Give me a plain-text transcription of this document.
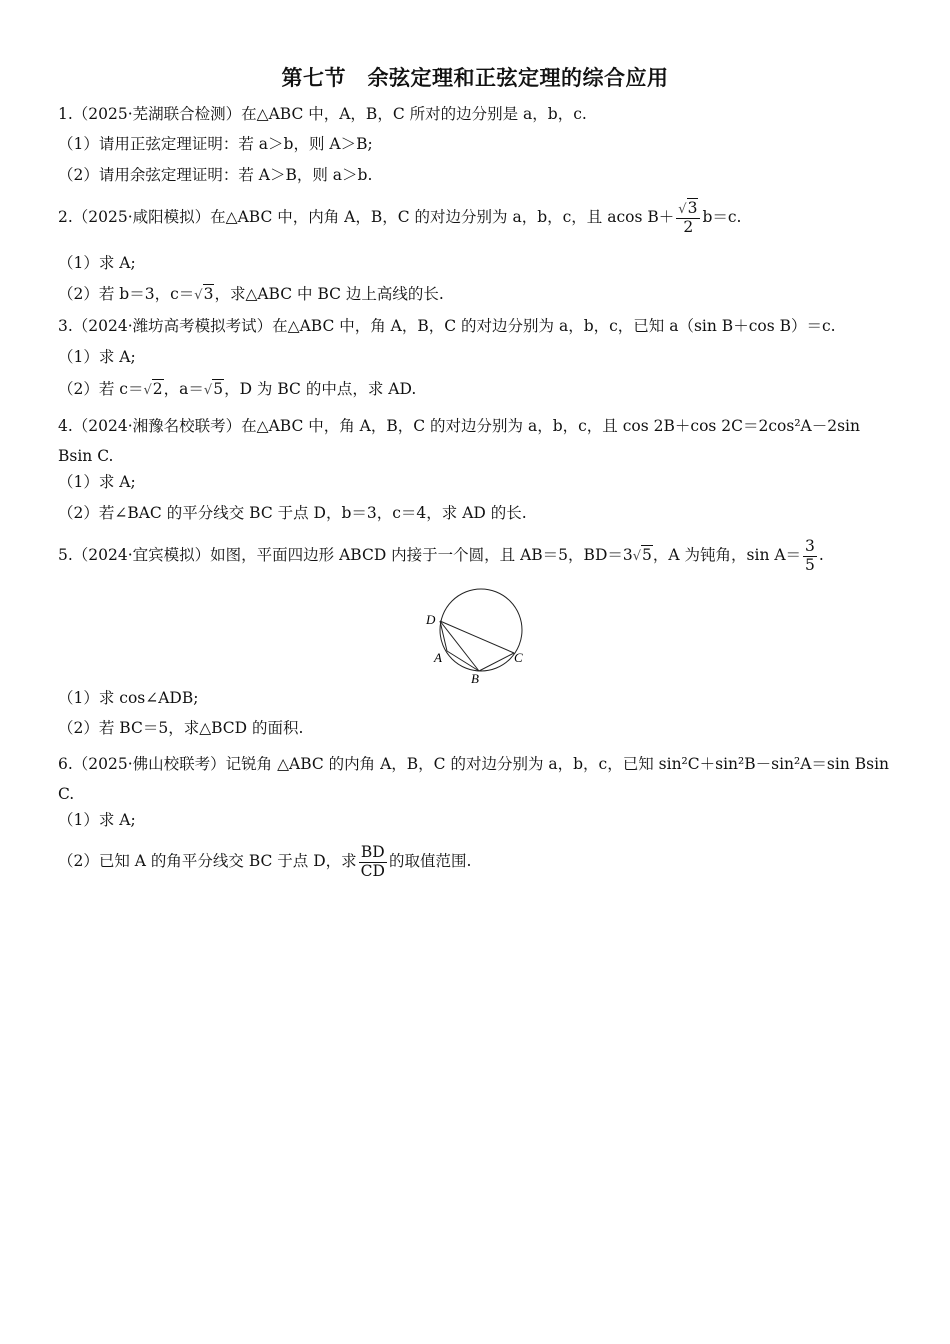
第七节　余弦定理和正弦定理的综合应用
1.（2025·芜湖联合检测）在△ABC 中，A，B，C 所对的边分别是 a，b，c.
（1）请用正弦定理证明：若 a＞b，则 A＞B;
（2）请用余弦定理证明：若 A＞B，则 a＞b.
2.（2025·咸阳模拟）在△ABC 中，内角 A，B，C 的对边分别为 a，b，c，且 acos $B+ \frac{√3}{2} b=c$.
（1）求 A;
（2）若 b＝3，c＝√3，求△ABC 中 BC 边上高线的长.
3.（2024·潍坊高考模拟考试）在△ABC 中，角 A，B，C 的对边分别为 a，b，c，已知 a（sin B＋cos B）＝c.
（1）求 A;
（2）若 c＝√2，a＝√5，D 为 BC 的中点，求 AD.
4.（2024·湘豫名校联考）在△ABC 中，角 A，B，C 的对边分别为 a，b，c，且 cos 2B＋cos 2C＝2cos²A－2sin Bsin C.
（1）求 A;
（2）若∠BAC 的平分线交 BC 于点 D，b＝3，c＝4，求 AD 的长.
5.（2024·宜宾模拟）如图，平面四边形 ABCD 内接于一个圆，且 AB＝5，BD＝3√5，A 为钝角，$\sin A= \frac{3}{5}$ .
D
A
B
C
（1）求 cos∠ADB;
（2）若 BC＝5，求△BCD 的面积.
6.（2025·佛山校联考）记锐角 △ABC 的内角 A，B，C 的对边分别为 a，b，c，已知 sin²C＋sin²B－sin²A＝sin Bsin C.
（1）求 A;
（2）已知 A 的角平分线交 BC 于点 D，求 $\frac{BD}{CD}$ 的取值范围.
